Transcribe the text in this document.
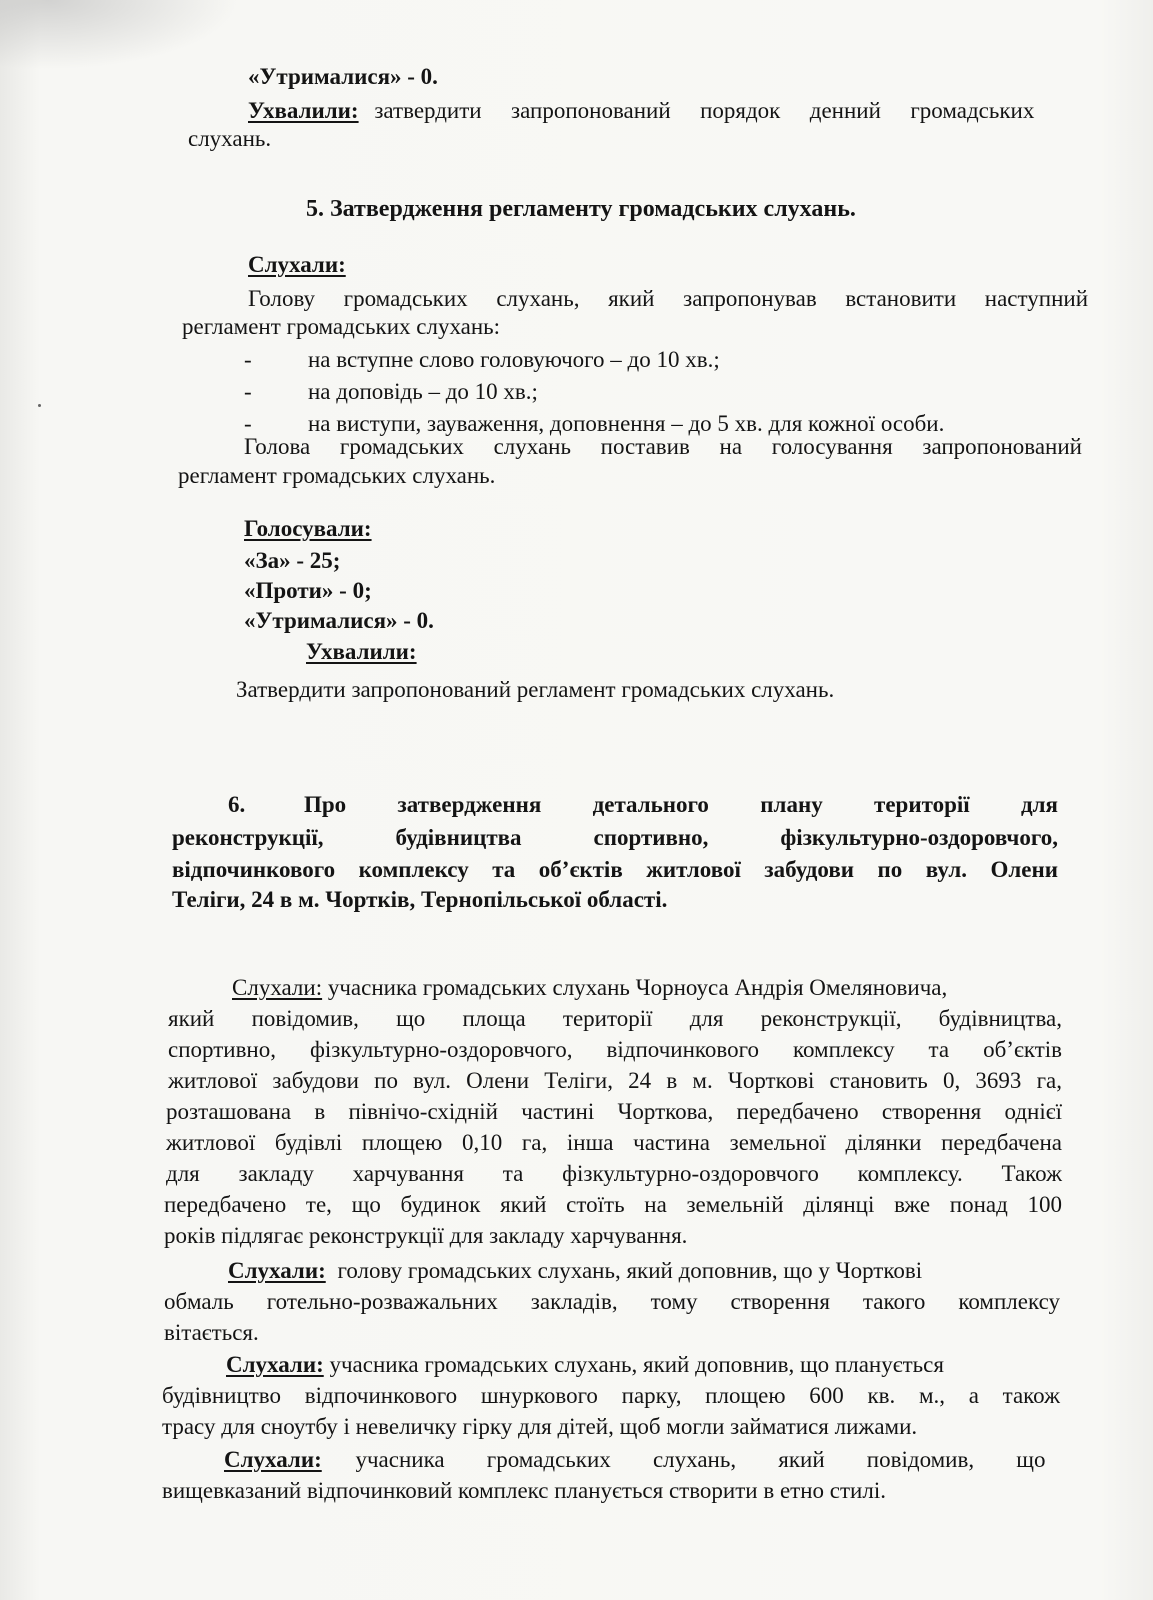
«Утрималися» - 0.
Ухвалили: затвердити запропонований порядок денний громадських
слухань.
5. Затвердження регламенту громадських слухань.
Слухали:
Голову громадських слухань, який запропонував встановити наступний
регламент громадських слухань:
- на вступне слово головуючого – до 10 хв.;
- на доповідь – до 10 хв.;
- на виступи, зауваження, доповнення – до 5 хв. для кожної особи.
Голова громадських слухань поставив на голосування запропонований
регламент громадських слухань.
Голосували:
«За» - 25;
«Проти» - 0;
«Утрималися» - 0.
Ухвалили:
Затвердити запропонований регламент громадських слухань.
6.	Про затвердження детального плану території для
реконструкції, будівництва спортивно, фізкультурно-оздоровчого,
відпочинкового комплексу та об’єктів житлової забудови по вул. Олени
Теліги, 24 в м. Чортків, Тернопільської області.
Слухали: учасника громадських слухань Чорноуса Андрія Омеляновича,
який повідомив, що площа території для реконструкції, будівництва,
спортивно, фізкультурно-оздоровчого, відпочинкового комплексу та об’єктів
житлової забудови по вул. Олени Теліги, 24 в м. Чорткові становить 0, 3693 га,
розташована в північо-східній частині Чорткова, передбачено створення однієї
житлової будівлі площею 0,10 га, інша частина земельної ділянки передбачена
для закладу харчування та фізкультурно-оздоровчого комплексу. Також
передбачено те, що будинок який стоїть на земельній ділянці вже понад 100
років підлягає реконструкції для закладу харчування.
Слухали: голову громадських слухань, який доповнив, що у Чорткові
обмаль готельно-розважальних закладів, тому створення такого комплексу
вітається.
Слухали: учасника громадських слухань, який доповнив, що планується
будівництво відпочинкового шнуркового парку, площею 600 кв. м., а також
трасу для сноутбу і невеличку гірку для дітей, щоб могли займатися лижами.
Слухали: учасника громадських слухань, який повідомив, що
вищевказаний відпочинковий комплекс планується створити в етно стилі.
